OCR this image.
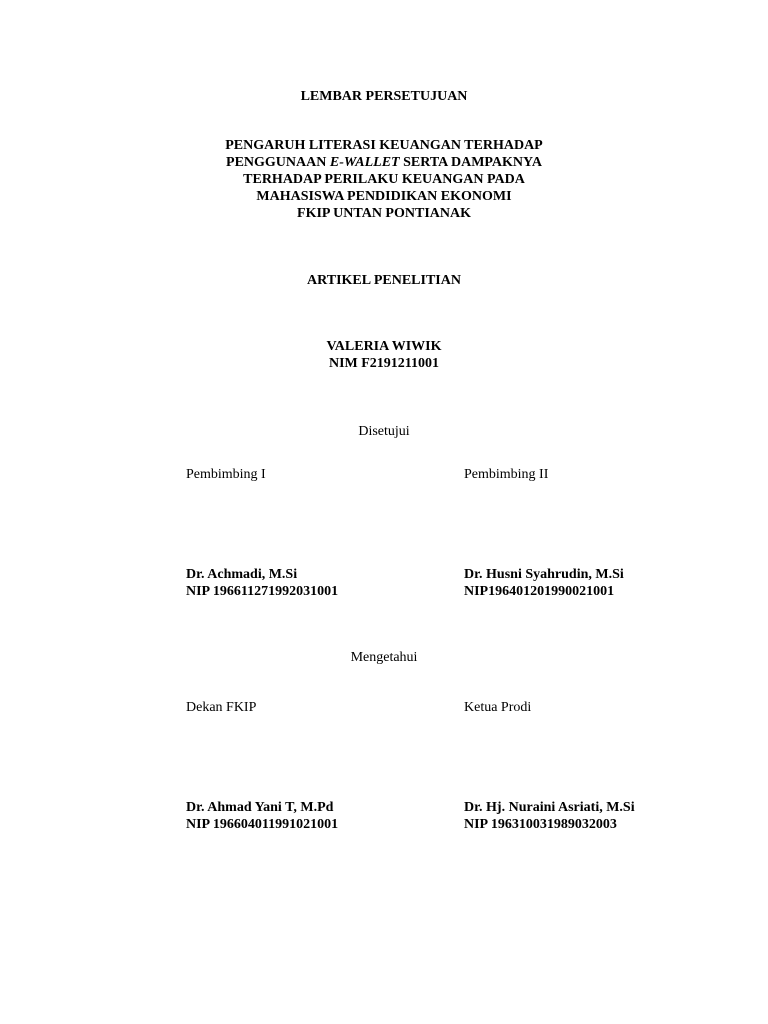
LEMBAR PERSETUJUAN
PENGARUH LITERASI KEUANGAN TERHADAP
PENGGUNAAN E-WALLET SERTA DAMPAKNYA
TERHADAP PERILAKU KEUANGAN PADA
MAHASISWA PENDIDIKAN EKONOMI
FKIP UNTAN PONTIANAK
ARTIKEL PENELITIAN
VALERIA WIWIK
NIM F2191211001
Disetujui
Pembimbing I	Pembimbing II
Dr. Achmadi, M.Si
NIP 196611271992031001
Dr. Husni Syahrudin, M.Si
NIP196401201990021001
Mengetahui
Dekan FKIP	Ketua Prodi
Dr. Ahmad Yani T, M.Pd
NIP 196604011991021001
Dr. Hj. Nuraini Asriati, M.Si
NIP 196310031989032003
